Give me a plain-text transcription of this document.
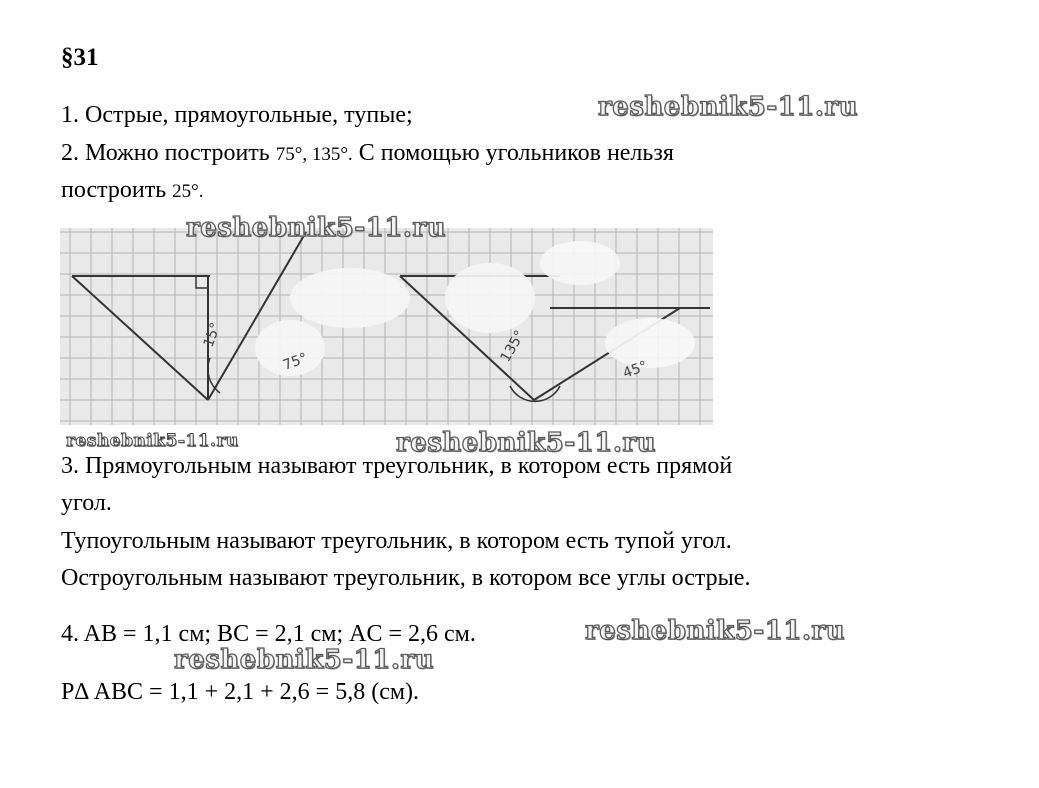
§31
1. Острые, прямоугольные, тупые;
2. Можно построить 75°, 135°. С помощью угольников нельзя
построить 25°.
15°
75°	135°
45°
3. Прямоугольным называют треугольник, в котором есть прямой
угол.
Тупоугольным называют треугольник, в котором есть тупой угол.
Остроугольным называют треугольник, в котором все углы острые.
4. AB = 1,1 см; BC = 2,1 см; AC = 2,6 см.
P∆ ABC = 1,1 + 2,1 + 2,6 = 5,8 (см).
reshebnik5-11.ru
reshebnik5-11.ru
reshebnik5-11.ru	reshebnik5-11.ru
reshebnik5-11.ru
reshebnik5-11.ru
